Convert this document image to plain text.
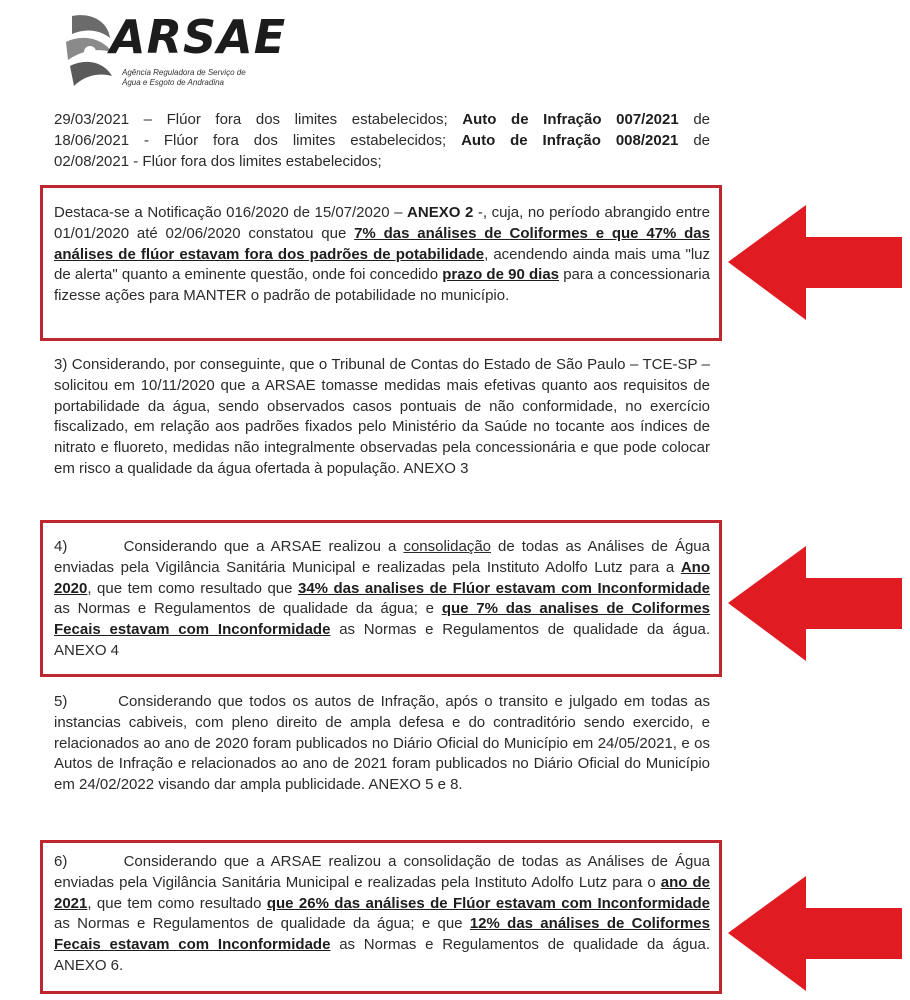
ARSAE
Agência Reguladora de Serviço de Água e Esgoto de Andradina

29/03/2021 – Flúor fora dos limites estabelecidos; Auto de Infração 007/2021 de

18/06/2021 - Flúor fora dos limites estabelecidos; Auto de Infração 008/2021 de

02/08/2021 - Flúor fora dos limites estabelecidos;

Destaca-se a Notificação 016/2020 de 15/07/2020 – ANEXO 2 -, cuja, no período abrangido entre 01/01/2020 até 02/06/2020 constatou que 7% das análises de Coliformes e que 47% das análises de flúor estavam fora dos padrões de potabilidade, acendendo ainda mais uma "luz de alerta" quanto a eminente questão, onde foi concedido prazo de 90 dias para a concessionaria fizesse ações para MANTER o padrão de potabilidade no município.

3) Considerando, por conseguinte, que o Tribunal de Contas do Estado de São Paulo – TCE-SP – solicitou em 10/11/2020 que a ARSAE tomasse medidas mais efetivas quanto aos requisitos de portabilidade da água, sendo observados casos pontuais de não conformidade, no exercício fiscalizado, em relação aos padrões fixados pelo Ministério da Saúde no tocante aos índices de nitrato e fluoreto, medidas não integralmente observadas pela concessionária e que pode colocar em risco a qualidade da água ofertada à população. ANEXO 3

4)        Considerando que a ARSAE realizou a consolidação de todas as Análises de Água enviadas pela Vigilância Sanitária Municipal e realizadas pela Instituto Adolfo Lutz para a Ano 2020, que tem como resultado que 34% das analises de Flúor estavam com Inconformidade as Normas e Regulamentos de qualidade da água; e que 7% das analises de Coliformes Fecais estavam com Inconformidade as Normas e Regulamentos de qualidade da água. ANEXO 4

5)        Considerando que todos os autos de Infração, após o transito e julgado em todas as instancias cabiveis, com pleno direito de ampla defesa e do contraditório sendo exercido, e relacionados ao ano de 2020 foram publicados no Diário Oficial do Município em 24/05/2021, e os Autos de Infração e relacionados ao ano de 2021 foram publicados no Diário Oficial do Município em 24/02/2022 visando dar ampla publicidade. ANEXO 5 e 8.

6)        Considerando que a ARSAE realizou a consolidação de todas as Análises de Água enviadas pela Vigilância Sanitária Municipal e realizadas pela Instituto Adolfo Lutz para o ano de 2021, que tem como resultado que 26% das análises de Flúor estavam com Inconformidade as Normas e Regulamentos de qualidade da água; e que 12% das análises de Coliformes Fecais estavam com Inconformidade as Normas e Regulamentos de qualidade da água. ANEXO 6.
